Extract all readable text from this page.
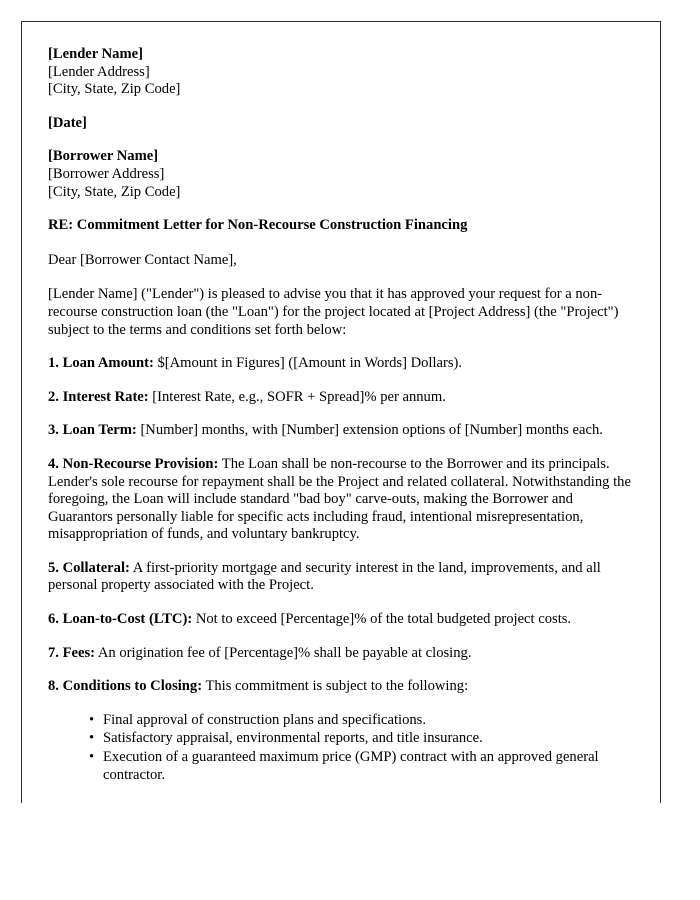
[Lender Name]
[Lender Address]
[City, State, Zip Code]
[Date]
[Borrower Name]
[Borrower Address]
[City, State, Zip Code]

RE: Commitment Letter for Non-Recourse Construction Financing

Dear [Borrower Contact Name],

[Lender Name] ("Lender") is pleased to advise you that it has approved your request for a non-recourse construction loan (the "Loan") for the project located at [Project Address] (the "Project") subject to the terms and conditions set forth below:

1. Loan Amount: $[Amount in Figures] ([Amount in Words] Dollars).

2. Interest Rate: [Interest Rate, e.g., SOFR + Spread]% per annum.

3. Loan Term: [Number] months, with [Number] extension options of [Number] months each.

4. Non-Recourse Provision: The Loan shall be non-recourse to the Borrower and its principals. Lender's sole recourse for repayment shall be the Project and related collateral. Notwithstanding the foregoing, the Loan will include standard "bad boy" carve-outs, making the Borrower and Guarantors personally liable for specific acts including fraud, intentional misrepresentation, misappropriation of funds, and voluntary bankruptcy.

5. Collateral: A first-priority mortgage and security interest in the land, improvements, and all personal property associated with the Project.

6. Loan-to-Cost (LTC): Not to exceed [Percentage]% of the total budgeted project costs.

7. Fees: An origination fee of [Percentage]% shall be payable at closing.

8. Conditions to Closing: This commitment is subject to the following:

• Final approval of construction plans and specifications.
• Satisfactory appraisal, environmental reports, and title insurance.
• Execution of a guaranteed maximum price (GMP) contract with an approved general contractor.
